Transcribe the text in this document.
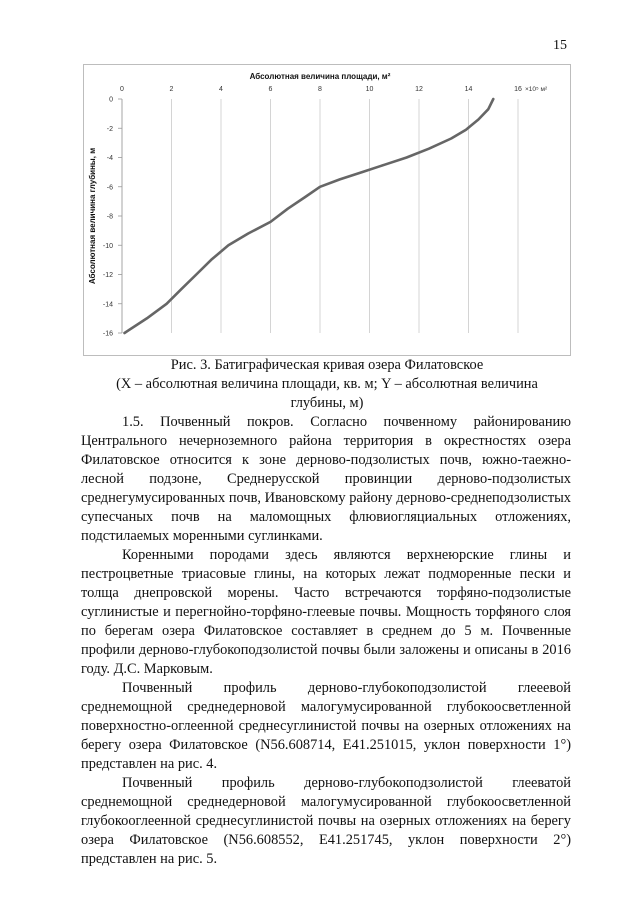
15
0	2	4	6	8	10	12	14	16 ×10⁵ м²
0
-2
-4
-6
-8
-10
-12
-14
-16
Абсолютная величина площади, м²
Абсолютная величина глубины, м
Рис. 3. Батиграфическая кривая озера Филатовское
(X – абсолютная величина площади, кв. м; Y – абсолютная величина
глубины, м)

1.5. Почвенный покров. Согласно почвенному районированию Центрального нечерноземного района территория в окрестностях озера Филатовское относится к зоне дерново-подзолистых почв, южно-таежно-лесной подзоне, Среднерусской провинции дерново-подзолистых среднегумусированных почв, Ивановскому району дерново-среднеподзолистых супесчаных почв на маломощных флювиогляциальных отложениях, подстилаемых моренными суглинками.

Коренными породами здесь являются верхнеюрские глины и пестроцветные триасовые глины, на которых лежат подморенные пески и толща днепровской морены. Часто встречаются торфяно-подзолистые суглинистые и перегнойно-торфяно-глеевые почвы. Мощность торфяного слоя по берегам озера Филатовское составляет в среднем до 5 м. Почвенные профили дерново-глубокоподзолистой почвы были заложены и описаны в 2016 году. Д.С. Марковым.

Почвенный профиль дерново-глубокоподзолистой глееевой среднемощной среднедерновой малогумусированной глубокоосветленной поверхностно-оглеенной среднесуглинистой почвы на озерных отложениях на берегу озера Филатовское (N56.608714, E41.251015, уклон поверхности 1°) представлен на рис. 4.

Почвенный профиль дерново-глубокоподзолистой глееватой среднемощной среднедерновой малогумусированной глубокоосветленной глубокооглеенной среднесуглинистой почвы на озерных отложениях на берегу озера Филатовское (N56.608552, E41.251745, уклон поверхности 2°) представлен на рис. 5.
